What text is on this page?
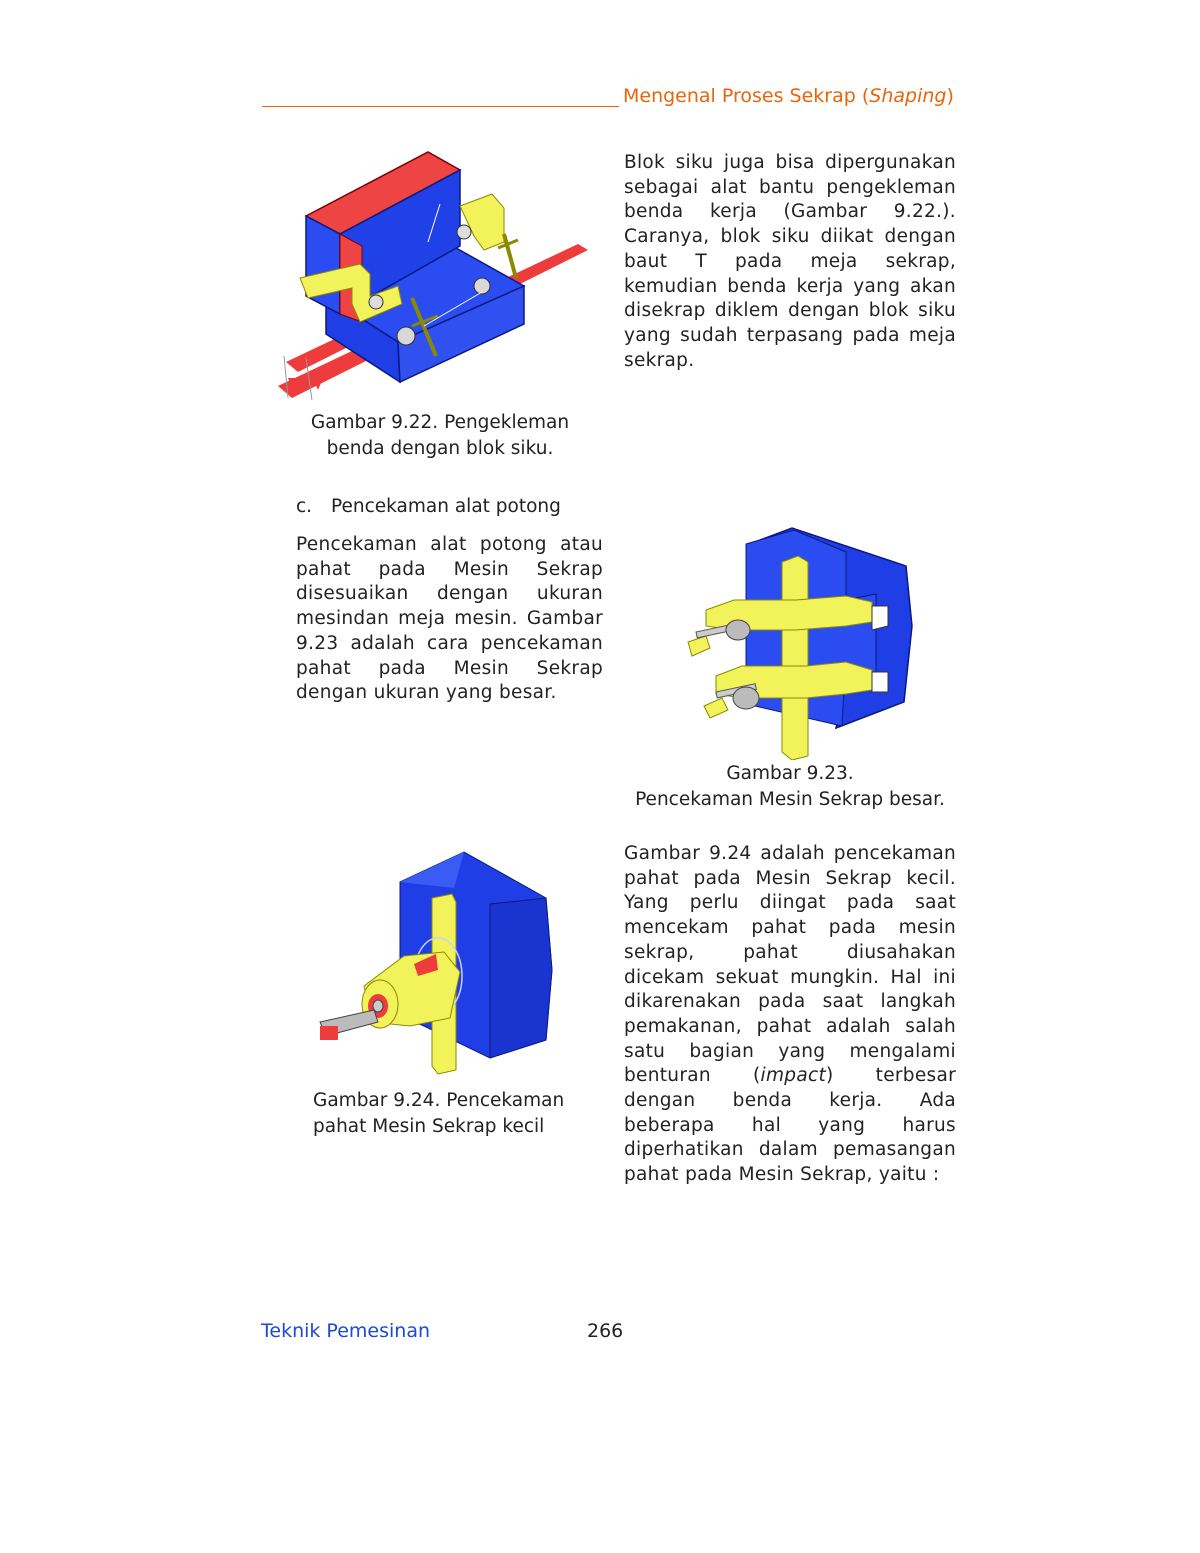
Mengenal Proses Sekrap (Shaping)
Gambar 9.22. Pengekleman
benda dengan blok siku.
Blok siku juga bisa dipergunakan sebagai alat bantu pengekleman benda kerja (Gambar 9.22.). Caranya, blok siku diikat dengan baut T pada meja sekrap, kemudian benda kerja yang akan disekrap diklem dengan blok siku yang sudah terpasang pada meja sekrap.
c. Pencekaman alat potong
Pencekaman alat potong atau pahat pada Mesin Sekrap disesuaikan dengan ukuran mesindan meja mesin. Gambar 9.23 adalah cara pencekaman pahat pada Mesin Sekrap dengan ukuran yang besar.
Gambar 9.23.
Pencekaman Mesin Sekrap besar.
Gambar 9.24. Pencekaman
pahat Mesin Sekrap kecil
Gambar 9.24 adalah pencekaman pahat pada Mesin Sekrap kecil. Yang perlu diingat pada saat mencekam pahat pada mesin sekrap, pahat diusahakan dicekam sekuat mungkin. Hal ini dikarenakan pada saat langkah pemakanan, pahat adalah salah satu bagian yang mengalami benturan (impact) terbesar dengan benda kerja. Ada beberapa hal yang harus diperhatikan dalam pemasangan pahat pada Mesin Sekrap, yaitu :
Teknik Pemesinan	266
